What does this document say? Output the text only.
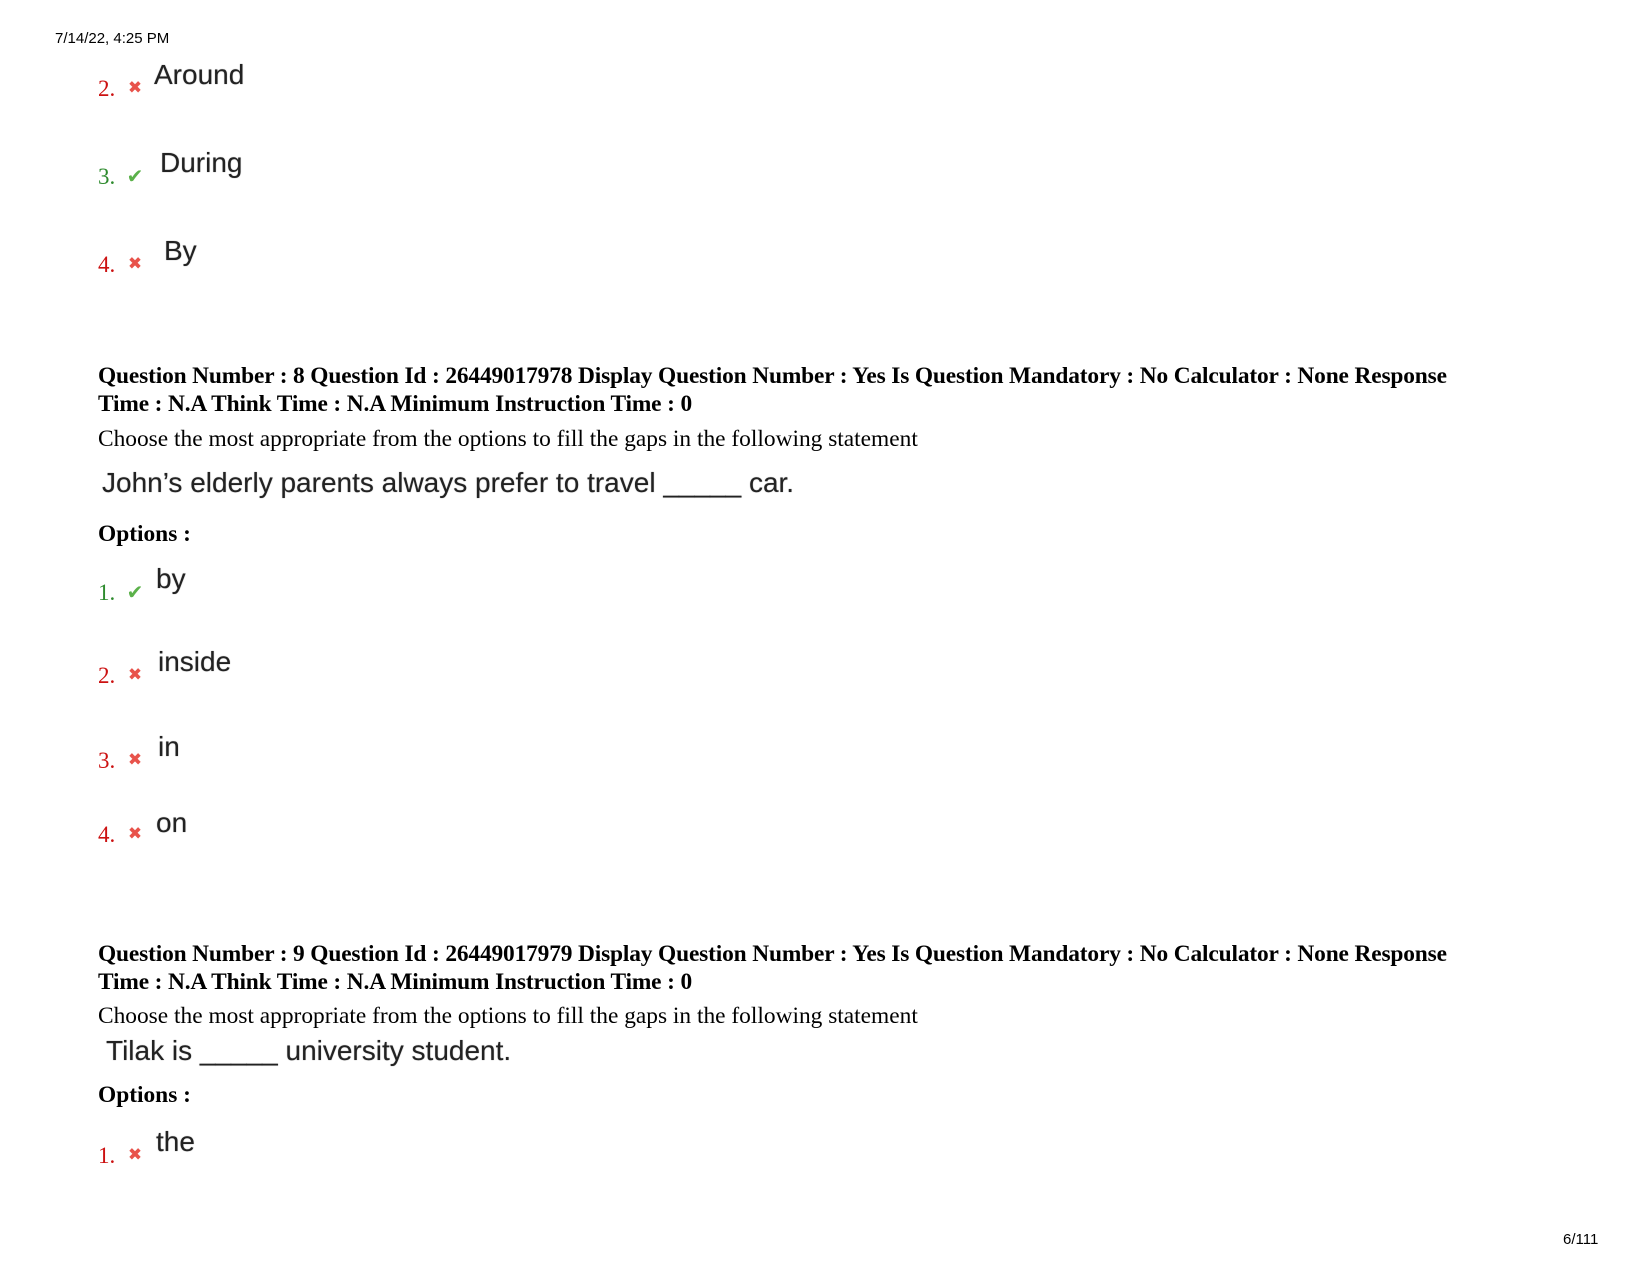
7/14/22, 4:25 PM
6/111
2. ✖ Around
3. ✔ During
4. ✖ By
Question Number : 8 Question Id : 26449017978 Display Question Number : Yes Is Question Mandatory : No Calculator : None Response
Time : N.A Think Time : N.A Minimum Instruction Time : 0
Choose the most appropriate from the options to fill the gaps in the following statement
John’s elderly parents always prefer to travel _____ car.
Options :
1. ✔ by
2. ✖ inside
3. ✖ in
4. ✖ on
Question Number : 9 Question Id : 26449017979 Display Question Number : Yes Is Question Mandatory : No Calculator : None Response
Time : N.A Think Time : N.A Minimum Instruction Time : 0
Choose the most appropriate from the options to fill the gaps in the following statement
Tilak is _____ university student.
Options :
1. ✖ the
